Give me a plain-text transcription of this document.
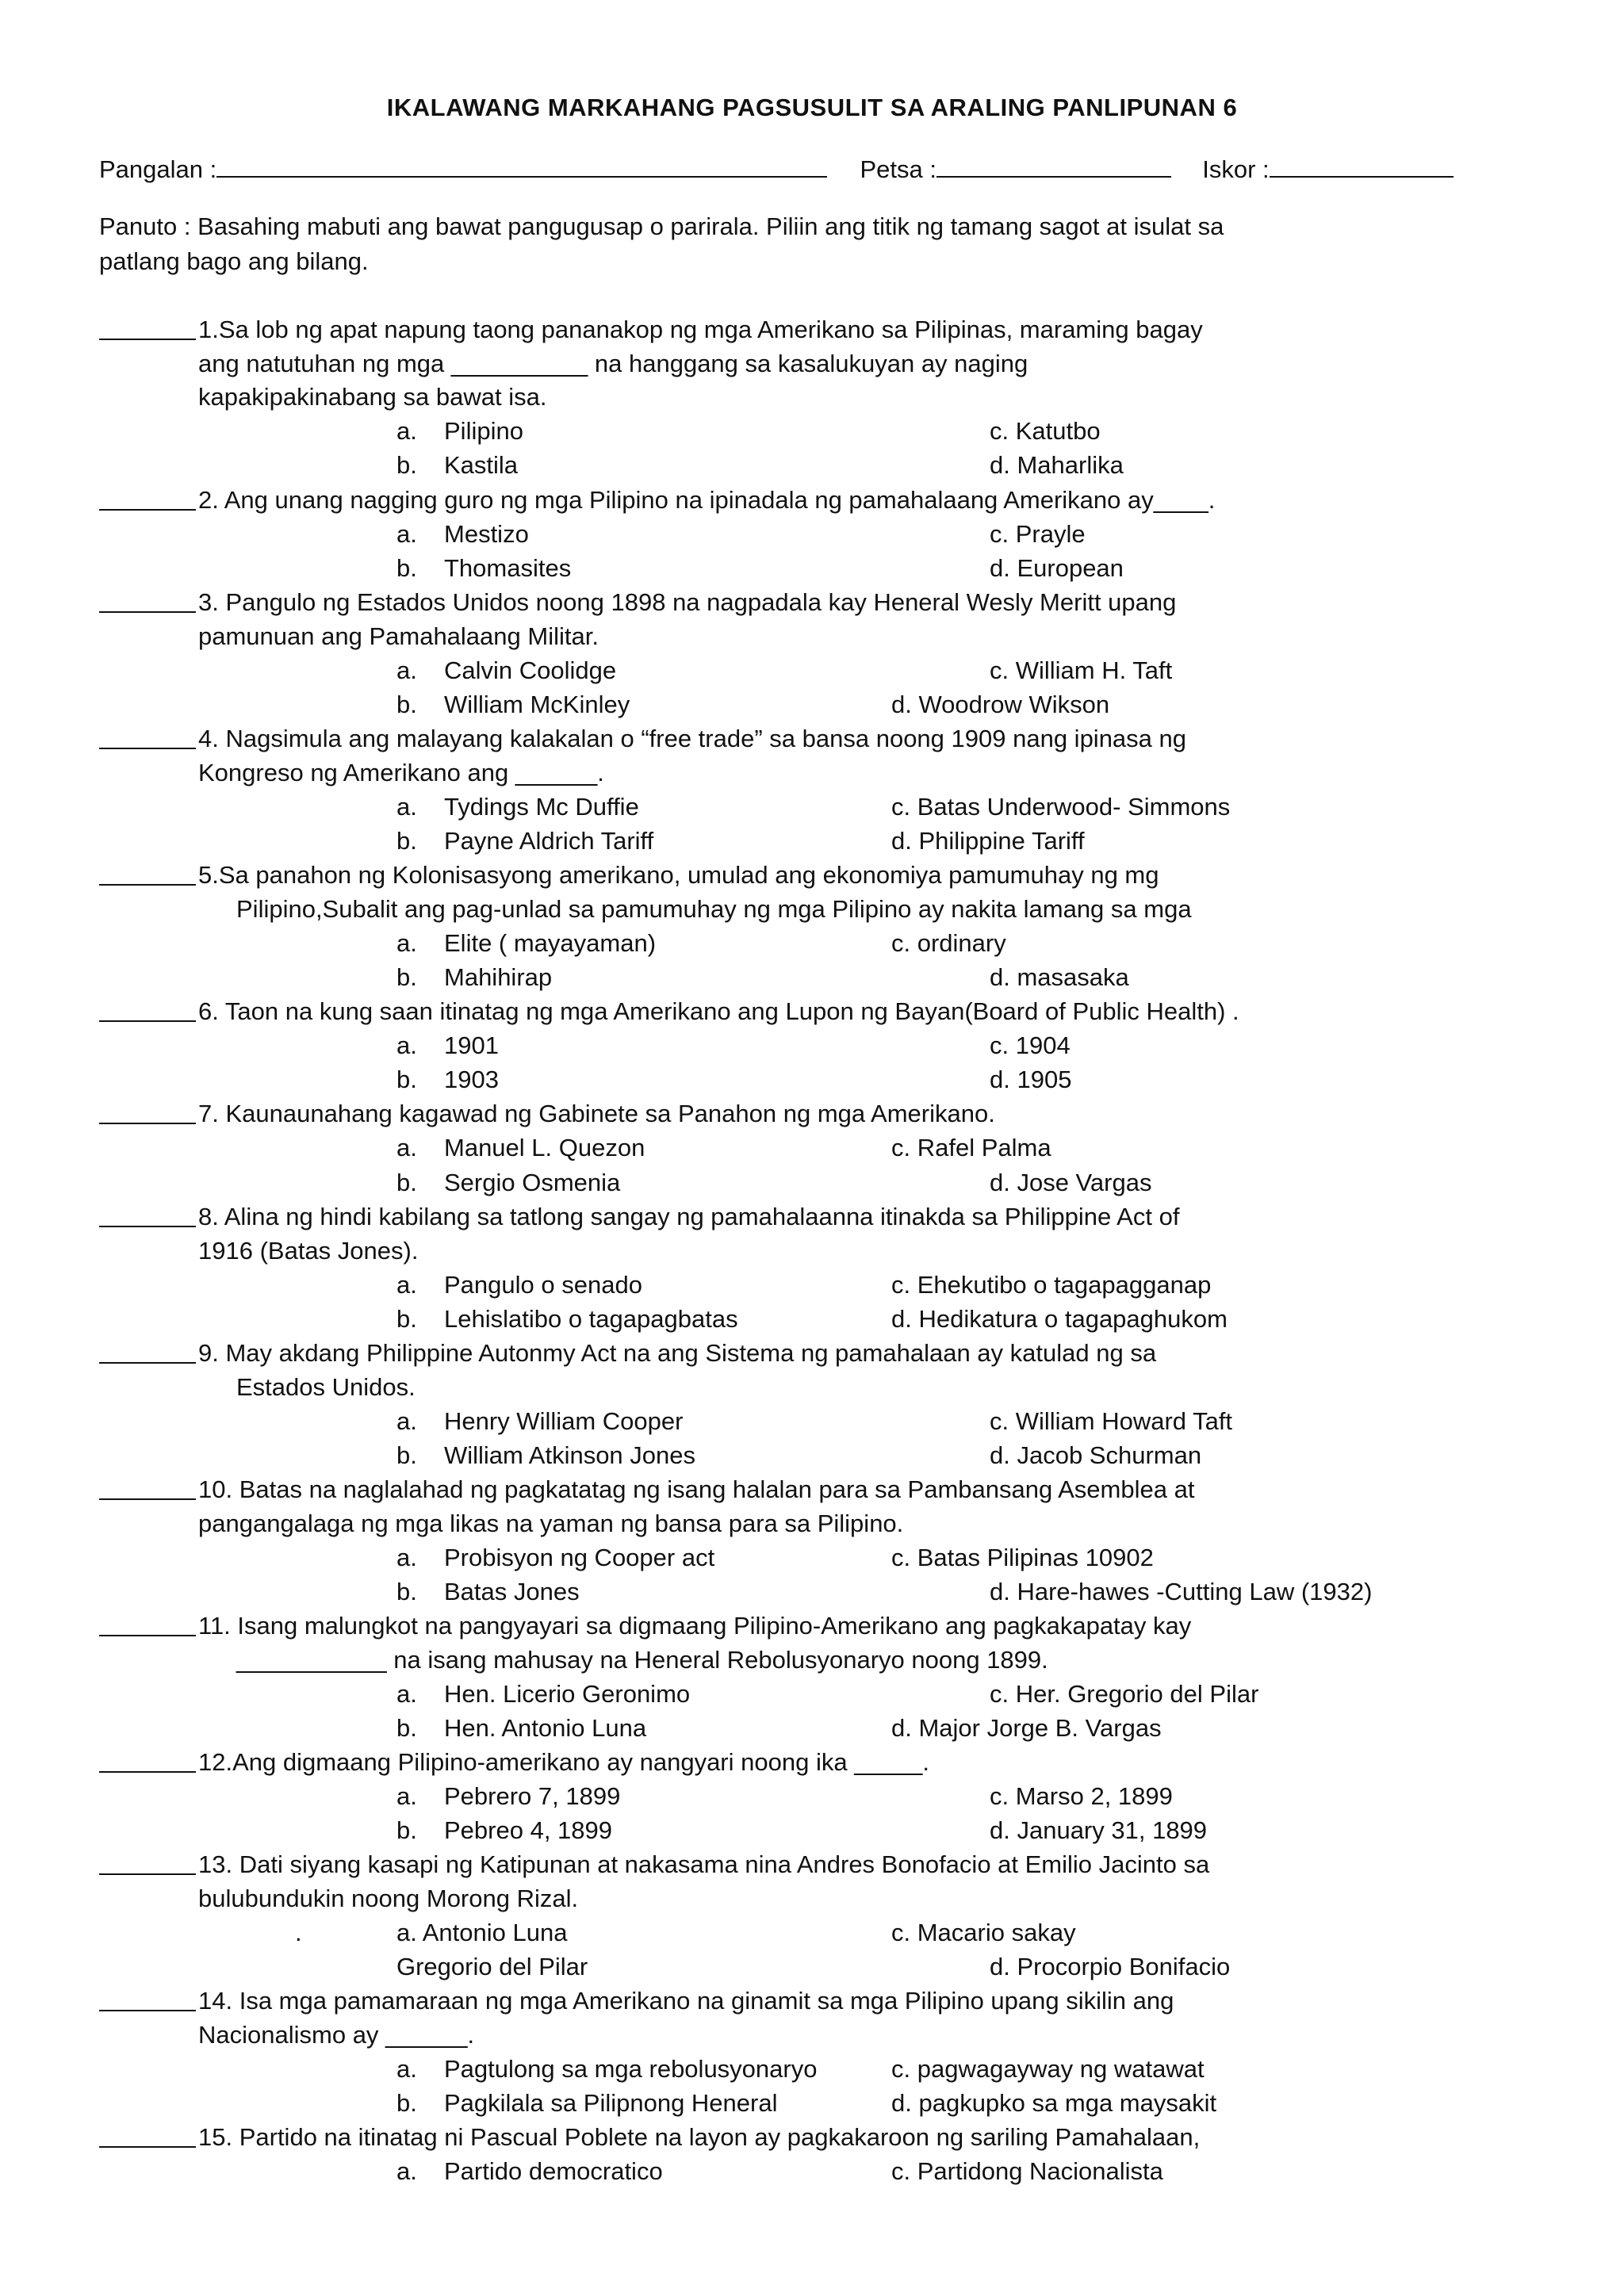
IKALAWANG MARKAHANG PAGSUSULIT SA ARALING PANLIPUNAN 6
Pangalan :	Petsa :	Iskor :
Panuto : Basahing mabuti ang bawat pangugusap o parirala. Piliin ang titik ng tamang sagot at isulat sa
patlang bago ang bilang.
1.Sa lob ng apat napung taong pananakop ng mga Amerikano sa Pilipinas, maraming bagay
ang natutuhan ng mga __________ na hanggang sa kasalukuyan ay naging
kapakipakinabang sa bawat isa.
a. Pilipino
b. Kastila
c. Katutbo
d. Maharlika
2. Ang unang nagging guro ng mga Pilipino na ipinadala ng pamahalaang Amerikano ay____.
a. Mestizo
b. Thomasites
c. Prayle
d. European
3. Pangulo ng Estados Unidos noong 1898 na nagpadala kay Heneral Wesly Meritt upang
pamunuan ang Pamahalaang Militar.
a. Calvin Coolidge
b. William McKinley
c. William H. Taft
d. Woodrow Wikson
4. Nagsimula ang malayang kalakalan o “free trade” sa bansa noong 1909 nang ipinasa ng
Kongreso ng Amerikano ang ______.
a. Tydings Mc Duffie
b. Payne Aldrich Tariff
c. Batas Underwood- Simmons
d. Philippine Tariff
5.Sa panahon ng Kolonisasyong amerikano, umulad ang ekonomiya pamumuhay ng mg
Pilipino,Subalit ang pag-unlad sa pamumuhay ng mga Pilipino ay nakita lamang sa mga
a. Elite ( mayayaman)
b. Mahihirap
c. ordinary
d. masasaka
6. Taon na kung saan itinatag ng mga Amerikano ang Lupon ng Bayan(Board of Public Health) .
a. 1901
b. 1903
c. 1904
d. 1905
7. Kaunaunahang kagawad ng Gabinete sa Panahon ng mga Amerikano.
a. Manuel L. Quezon
b. Sergio Osmenia
c. Rafel Palma
d. Jose Vargas
8. Alina ng hindi kabilang sa tatlong sangay ng pamahalaanna itinakda sa Philippine Act of
1916 (Batas Jones).
a. Pangulo o senado
b. Lehislatibo o tagapagbatas
c. Ehekutibo o tagapagganap
d. Hedikatura o tagapaghukom
9. May akdang Philippine Autonmy Act na ang Sistema ng pamahalaan ay katulad ng sa
Estados Unidos.
a. Henry William Cooper
b. William Atkinson Jones
c. William Howard Taft
d. Jacob Schurman
10. Batas na naglalahad ng pagkatatag ng isang halalan para sa Pambansang Asemblea at
pangangalaga ng mga likas na yaman ng bansa para sa Pilipino.
a. Probisyon ng Cooper act
b. Batas Jones
c. Batas Pilipinas 10902
d. Hare-hawes -Cutting Law (1932)
11. Isang malungkot na pangyayari sa digmaang Pilipino-Amerikano ang pagkakapatay kay
___________ na isang mahusay na Heneral Rebolusyonaryo noong 1899.
a. Hen. Licerio Geronimo
b. Hen. Antonio Luna
c. Her. Gregorio del Pilar
d. Major Jorge B. Vargas
12.Ang digmaang Pilipino-amerikano ay nangyari noong ika _____.
a. Pebrero 7, 1899
b. Pebreo 4, 1899
c. Marso 2, 1899
d. January 31, 1899
13. Dati siyang kasapi ng Katipunan at nakasama nina Andres Bonofacio at Emilio Jacinto sa
bulubundukin noong Morong Rizal.
.	a. Antonio Luna
Gregorio del Pilar
c. Macario sakay
d. Procorpio Bonifacio
14. Isa mga pamamaraan ng mga Amerikano na ginamit sa mga Pilipino upang sikilin ang
Nacionalismo ay ______.
a. Pagtulong sa mga rebolusyonaryo
b. Pagkilala sa Pilipnong Heneral
c. pagwagayway ng watawat
d. pagkupko sa mga maysakit
15. Partido na itinatag ni Pascual Poblete na layon ay pagkakaroon ng sariling Pamahalaan,
a. Partido democratico	c. Partidong Nacionalista
